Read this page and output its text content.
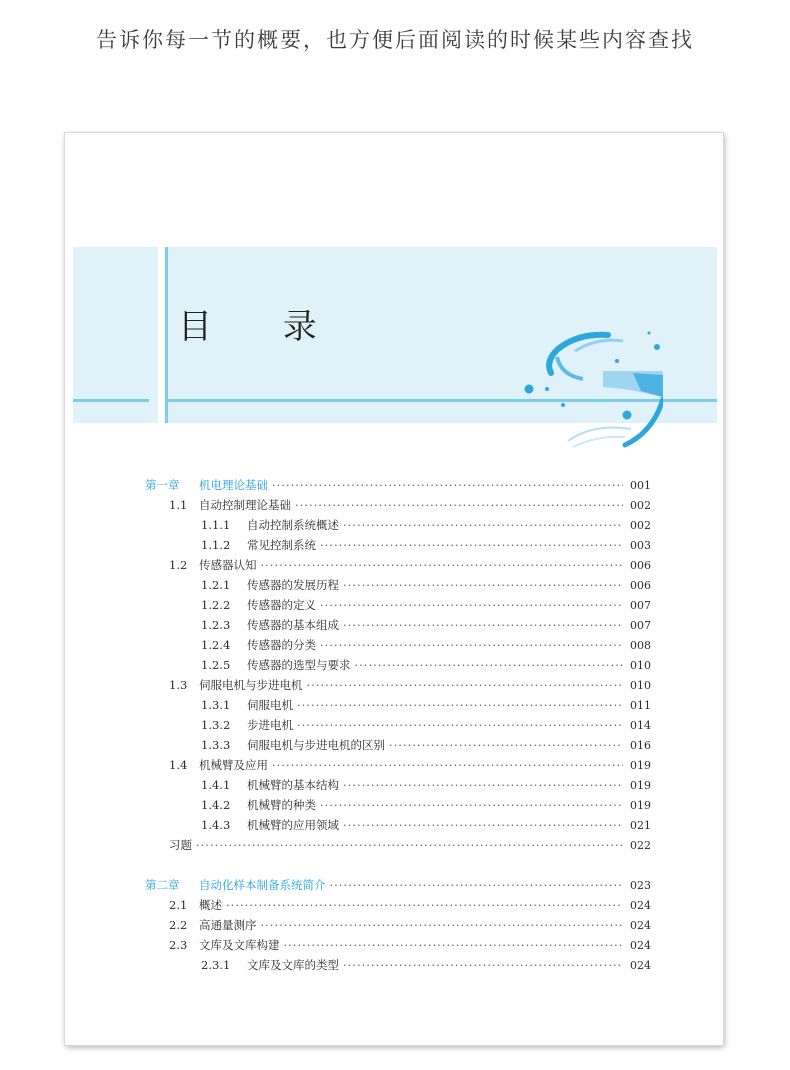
告诉你每一节的概要，也方便后面阅读的时候某些内容查找
目 录
第一章	机电理论基础 ·····	001
1.1	自动控制理论基础 ·····	002
1.1.1	自动控制系统概述 ·····	002
1.1.2	常见控制系统 ·····	003
1.2	传感器认知 ·····	006
1.2.1	传感器的发展历程 ·····	006
1.2.2	传感器的定义 ·····	007
1.2.3	传感器的基本组成 ·····	007
1.2.4	传感器的分类 ·····	008
1.2.5	传感器的选型与要求 ·····	010
1.3	伺服电机与步进电机 ·····	010
1.3.1	伺服电机 ·····	011
1.3.2	步进电机 ·····	014
1.3.3	伺服电机与步进电机的区别 ·····	016
1.4	机械臂及应用 ·····	019
1.4.1	机械臂的基本结构 ·····	019
1.4.2	机械臂的种类 ·····	019
1.4.3	机械臂的应用领域 ·····	021
习题 ·····	022
第二章	自动化样本制备系统简介 ·····	023
2.1	概述 ·····	024
2.2	高通量测序 ·····	024
2.3	文库及文库构建 ·····	024
2.3.1	文库及文库的类型 ·····	024
